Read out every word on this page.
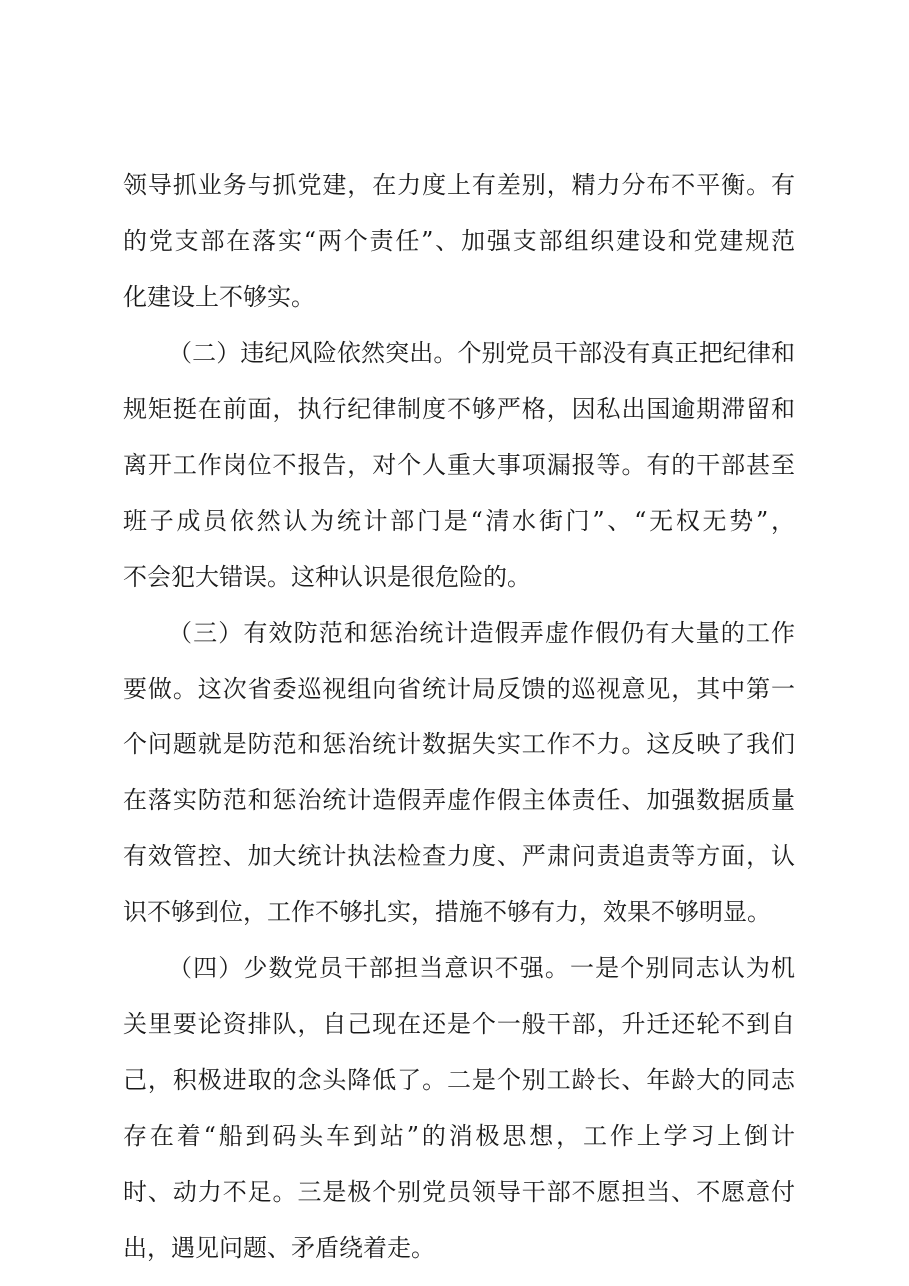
领导抓业务与抓党建，在力度上有差别，精力分布不平衡。有
的党支部在落实“两个责任”、加强支部组织建设和党建规范
化建设上不够实。
（二）违纪风险依然突出。个别党员干部没有真正把纪律和
规矩挺在前面，执行纪律制度不够严格，因私出国逾期滞留和
离开工作岗位不报告，对个人重大事项漏报等。有的干部甚至
班子成员依然认为统计部门是“清水街门”、“无权无势”，
不会犯大错误。这种认识是很危险的。
（三）有效防范和惩治统计造假弄虚作假仍有大量的工作
要做。这次省委巡视组向省统计局反馈的巡视意见，其中第一
个问题就是防范和惩治统计数据失实工作不力。这反映了我们
在落实防范和惩治统计造假弄虚作假主体责任、加强数据质量
有效管控、加大统计执法检查力度、严肃问责追责等方面，认
识不够到位，工作不够扎实，措施不够有力，效果不够明显。
（四）少数党员干部担当意识不强。一是个别同志认为机
关里要论资排队，自己现在还是个一般干部，升迁还轮不到自
己，积极进取的念头降低了。二是个别工龄长、年龄大的同志
存在着“船到码头车到站”的消极思想，工作上学习上倒计
时、动力不足。三是极个别党员领导干部不愿担当、不愿意付
出，遇见问题、矛盾绕着走。
